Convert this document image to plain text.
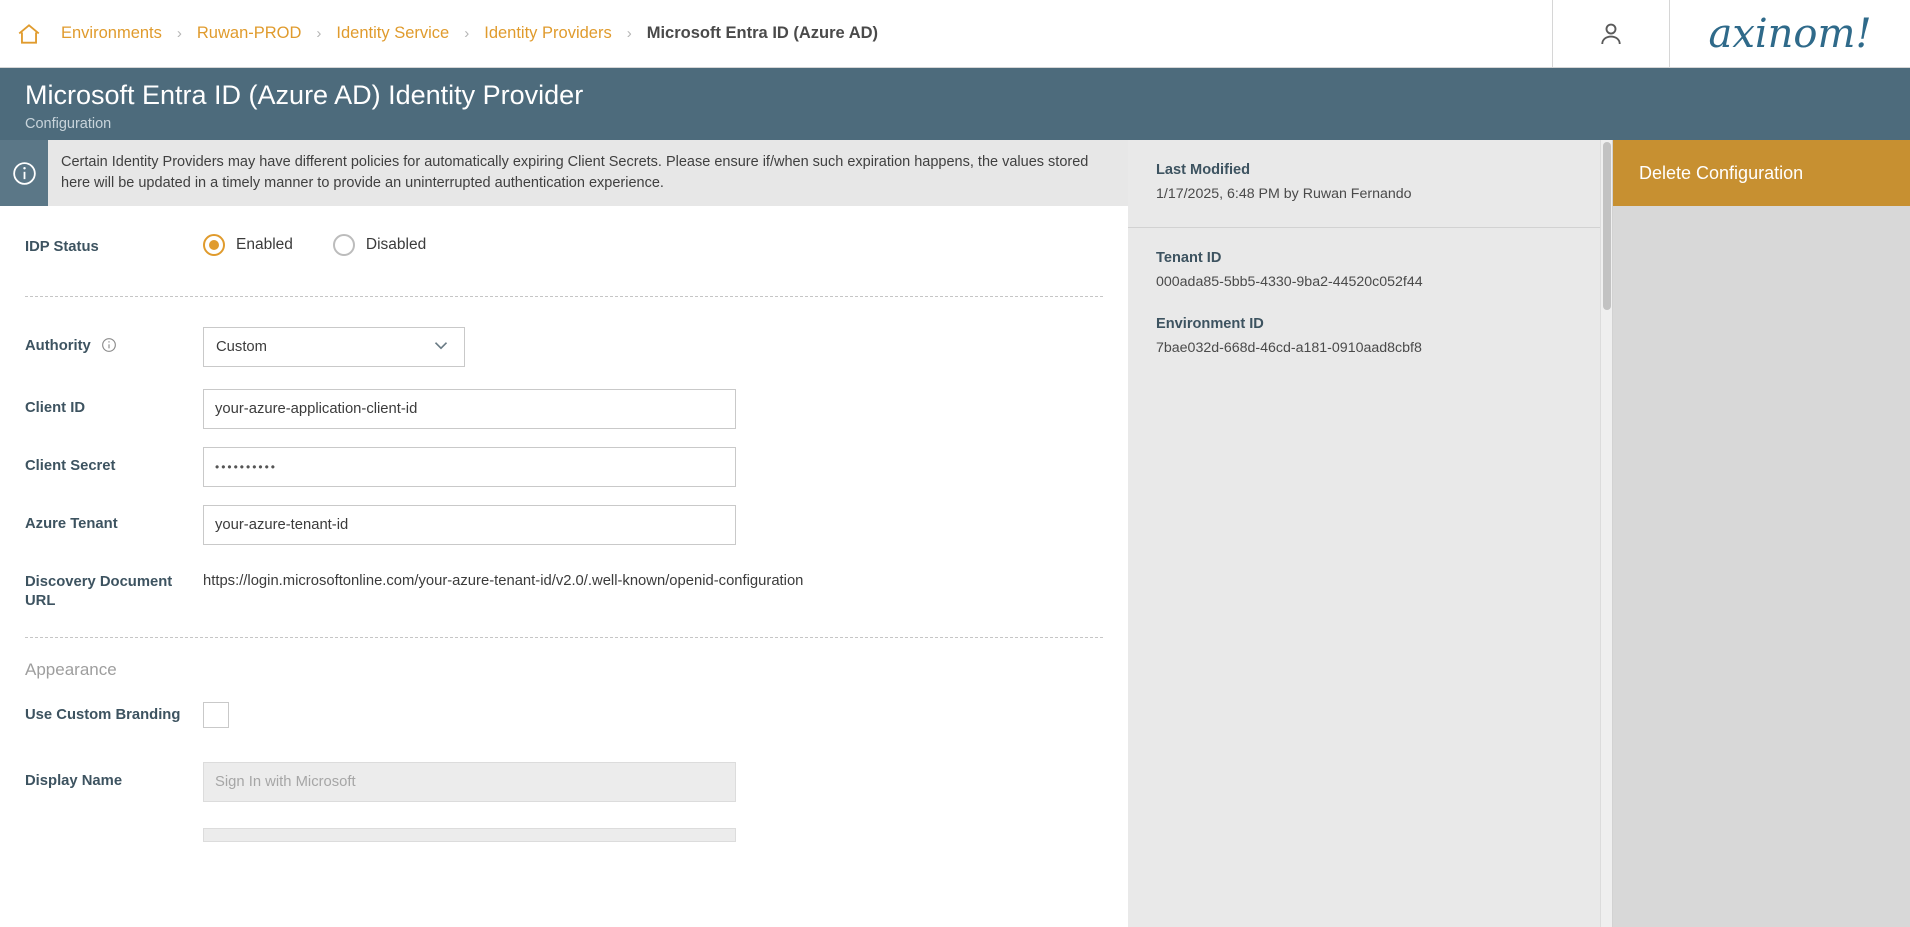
Environments	› Ruwan-PROD	› Identity Service	› Identity Providers	› Microsoft Entra ID (Azure AD)	axinom!
Microsoft Entra ID (Azure AD) Identity Provider
Configuration
Certain Identity Providers may have different policies for automatically expiring Client Secrets. Please ensure if/when such expiration happens, the values stored here will be updated in a timely manner to provide an uninterrupted authentication experience.
IDP Status	Enabled	Disabled
Authority	Custom
Client ID	your-azure-application-client-id
Client Secret	••••••••••
Azure Tenant	your-azure-tenant-id
Discovery Document URL
https://login.microsoftonline.com/your-azure-tenant-id/v2.0/.well-known/openid-configuration
Appearance
Use Custom Branding
Display Name	Sign In with Microsoft
Last Modified
1/17/2025, 6:48 PM by Ruwan Fernando
Tenant ID
000ada85-5bb5-4330-9ba2-44520c052f44
Environment ID
7bae032d-668d-46cd-a181-0910aad8cbf8
Delete Configuration
